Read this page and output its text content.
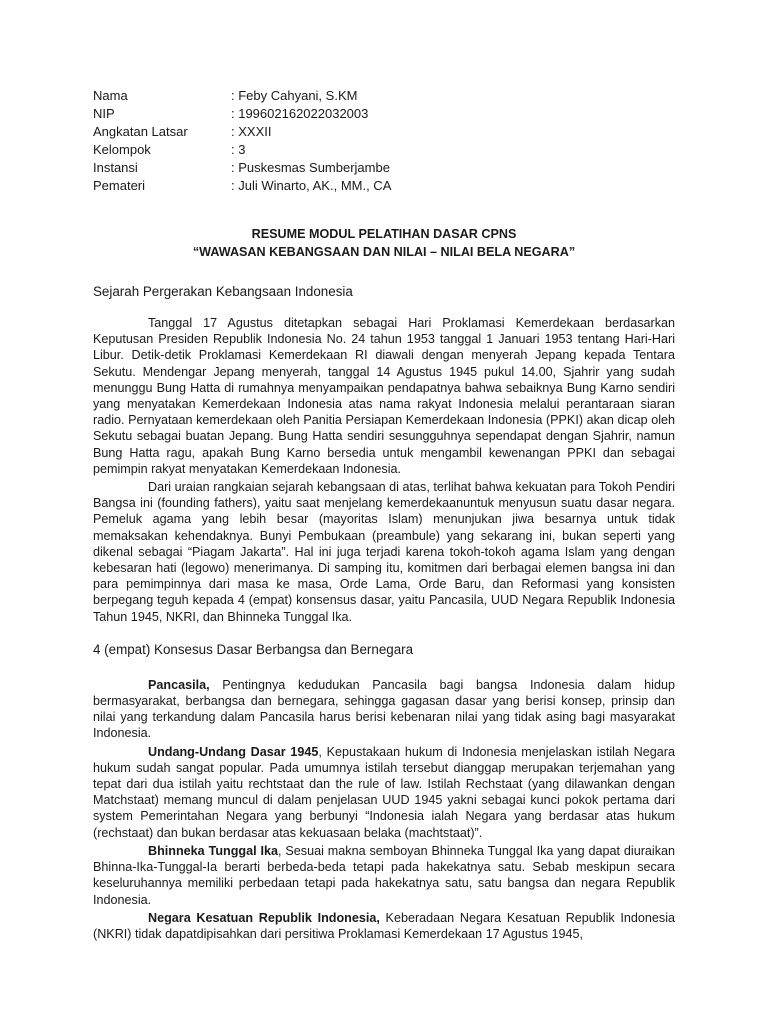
Nama	: Feby Cahyani, S.KM
NIP	: 199602162022032003
Angkatan Latsar	: XXXII
Kelompok	: 3
Instansi	: Puskesmas Sumberjambe
Pemateri	: Juli Winarto, AK., MM., CA

RESUME MODUL PELATIHAN DASAR CPNS

“WAWASAN KEBANGSAAN DAN NILAI – NILAI BELA NEGARA”

Sejarah Pergerakan Kebangsaan Indonesia

Tanggal 17 Agustus ditetapkan sebagai Hari Proklamasi Kemerdekaan berdasarkan Keputusan Presiden Republik Indonesia No. 24 tahun 1953 tanggal 1 Januari 1953 tentang Hari-Hari Libur. Detik-detik Proklamasi Kemerdekaan RI diawali dengan menyerah Jepang kepada Tentara Sekutu. Mendengar Jepang menyerah, tanggal 14 Agustus 1945 pukul 14.00, Sjahrir yang sudah menunggu Bung Hatta di rumahnya menyampaikan pendapatnya bahwa sebaiknya Bung Karno sendiri yang menyatakan Kemerdekaan Indonesia atas nama rakyat Indonesia melalui perantaraan siaran radio. Pernyataan kemerdekaan oleh Panitia Persiapan Kemerdekaan Indonesia (PPKI) akan dicap oleh Sekutu sebagai buatan Jepang. Bung Hatta sendiri sesungguhnya sependapat dengan Sjahrir, namun Bung Hatta ragu, apakah Bung Karno bersedia untuk mengambil kewenangan PPKI dan sebagai pemimpin rakyat menyatakan Kemerdekaan Indonesia.

Dari uraian rangkaian sejarah kebangsaan di atas, terlihat bahwa kekuatan para Tokoh Pendiri Bangsa ini (founding fathers), yaitu saat menjelang kemerdekaanuntuk menyusun suatu dasar negara. Pemeluk agama yang lebih besar (mayoritas Islam) menunjukan jiwa besarnya untuk tidak memaksakan kehendaknya. Bunyi Pembukaan (preambule) yang sekarang ini, bukan seperti yang dikenal sebagai “Piagam Jakarta”. Hal ini juga terjadi karena tokoh-tokoh agama Islam yang dengan kebesaran hati (legowo) menerimanya. Di samping itu, komitmen dari berbagai elemen bangsa ini dan para pemimpinnya dari masa ke masa, Orde Lama, Orde Baru, dan Reformasi yang konsisten berpegang teguh kepada 4 (empat) konsensus dasar, yaitu Pancasila, UUD Negara Republik Indonesia Tahun 1945, NKRI, dan Bhinneka Tunggal Ika.

4 (empat) Konsesus Dasar Berbangsa dan Bernegara

Pancasila, Pentingnya kedudukan Pancasila bagi bangsa Indonesia dalam hidup bermasyarakat, berbangsa dan bernegara, sehingga gagasan dasar yang berisi konsep, prinsip dan nilai yang terkandung dalam Pancasila harus berisi kebenaran nilai yang tidak asing bagi masyarakat Indonesia.

Undang-Undang Dasar 1945, Kepustakaan hukum di Indonesia menjelaskan istilah Negara hukum sudah sangat popular. Pada umumnya istilah tersebut dianggap merupakan terjemahan yang tepat dari dua istilah yaitu rechtstaat dan the rule of law. Istilah Rechstaat (yang dilawankan dengan Matchstaat) memang muncul di dalam penjelasan UUD 1945 yakni sebagai kunci pokok pertama dari system Pemerintahan Negara yang berbunyi “Indonesia ialah Negara yang berdasar atas hukum (rechstaat) dan bukan berdasar atas kekuasaan belaka (machtstaat)”.

Bhinneka Tunggal Ika, Sesuai makna semboyan Bhinneka Tunggal Ika yang dapat diuraikan Bhinna-Ika-Tunggal-Ia berarti berbeda-beda tetapi pada hakekatnya satu. Sebab meskipun secara keseluruhannya memiliki perbedaan tetapi pada hakekatnya satu, satu bangsa dan negara Republik Indonesia.

Negara Kesatuan Republik Indonesia, Keberadaan Negara Kesatuan Republik Indonesia (NKRI) tidak dapatdipisahkan dari persitiwa Proklamasi Kemerdekaan 17 Agustus 1945,
